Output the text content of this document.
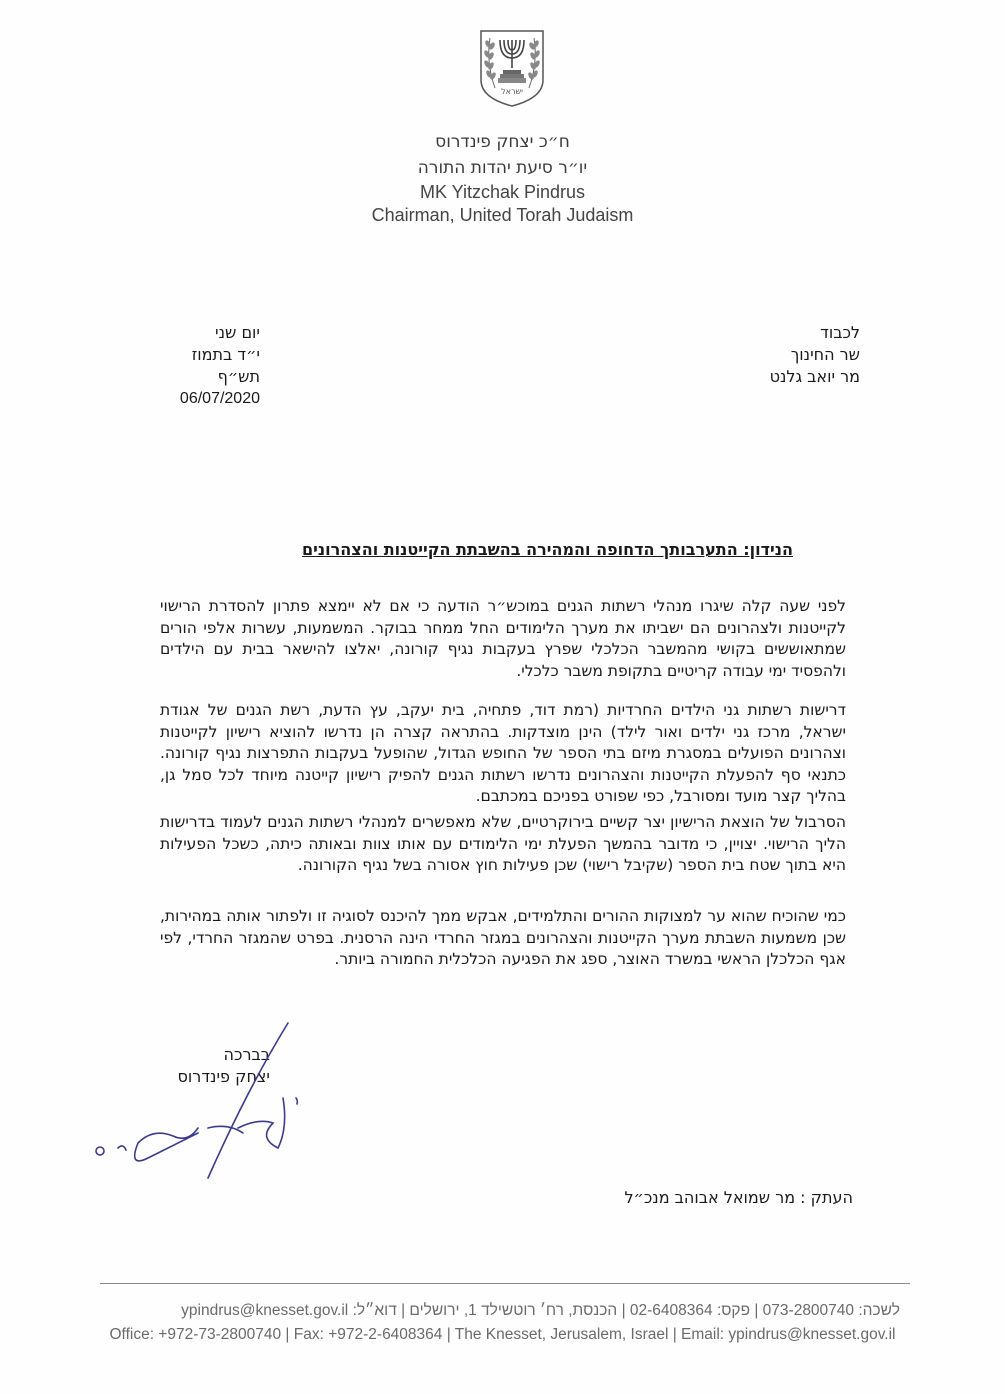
ישראל
ח״כ יצחק פינדרוס
יו״ר סיעת יהדות התורה
MK Yitzchak Pindrus
Chairman, United Torah Judaism
יום שני
י״ד בתמוז תש״ף
06/07/2020
לכבוד
שר החינוך
מר יואב גלנט
הנידון: התערבותך הדחופה והמהירה בהשבתת הקייטנות והצהרונים
לפני שעה קלה שיגרו מנהלי רשתות הגנים במוכש״ר הודעה כי אם לא יימצא פתרון להסדרת הרישוי לקייטנות ולצהרונים הם ישביתו את מערך הלימודים החל ממחר בבוקר. המשמעות, עשרות אלפי הורים שמתאוששים בקושי מהמשבר הכלכלי שפרץ בעקבות נגיף קורונה, יאלצו להישאר בבית עם הילדים ולהפסיד ימי עבודה קריטיים בתקופת משבר כלכלי.
דרישות רשתות גני הילדים החרדיות (רמת דוד, פתחיה, בית יעקב, עץ הדעת, רשת הגנים של אגודת ישראל, מרכז גני ילדים ואור לילד) הינן מוצדקות. בהתראה קצרה הן נדרשו להוציא רישיון לקייטנות וצהרונים הפועלים במסגרת מיזם בתי הספר של החופש הגדול, שהופעל בעקבות התפרצות נגיף קורונה. כתנאי סף להפעלת הקייטנות והצהרונים נדרשו רשתות הגנים להפיק רישיון קייטנה מיוחד לכל סמל גן, בהליך קצר מועד ומסורבל, כפי שפורט בפניכם במכתבם.
הסרבול של הוצאת הרישיון יצר קשיים בירוקרטיים, שלא מאפשרים למנהלי רשתות הגנים לעמוד בדרישות הליך הרישוי. יצויין, כי מדובר בהמשך הפעלת ימי הלימודים עם אותו צוות ובאותה כיתה, כשכל הפעילות היא בתוך שטח בית הספר (שקיבל רישוי) שכן פעילות חוץ אסורה בשל נגיף הקורונה.
כמי שהוכיח שהוא ער למצוקות ההורים והתלמידים, אבקש ממך להיכנס לסוגיה זו ולפתור אותה במהירות, שכן משמעות השבתת מערך הקייטנות והצהרונים במגזר החרדי הינה הרסנית. בפרט שהמגזר החרדי, לפי אגף הכלכלן הראשי במשרד האוצר, ספג את הפגיעה הכלכלית החמורה ביותר.
בברכה
יצחק פינדרוס
העתק : מר שמואל אבוהב מנכ״ל
לשכה: 073-2800740 | פקס: 02-6408364 | הכנסת, רח׳ רוטשילד 1, ירושלים | דוא״ל: ypindrus@knesset.gov.il
Office: +972-73-2800740 | Fax: +972-2-6408364 | The Knesset, Jerusalem, Israel | Email: ypindrus@knesset.gov.il
